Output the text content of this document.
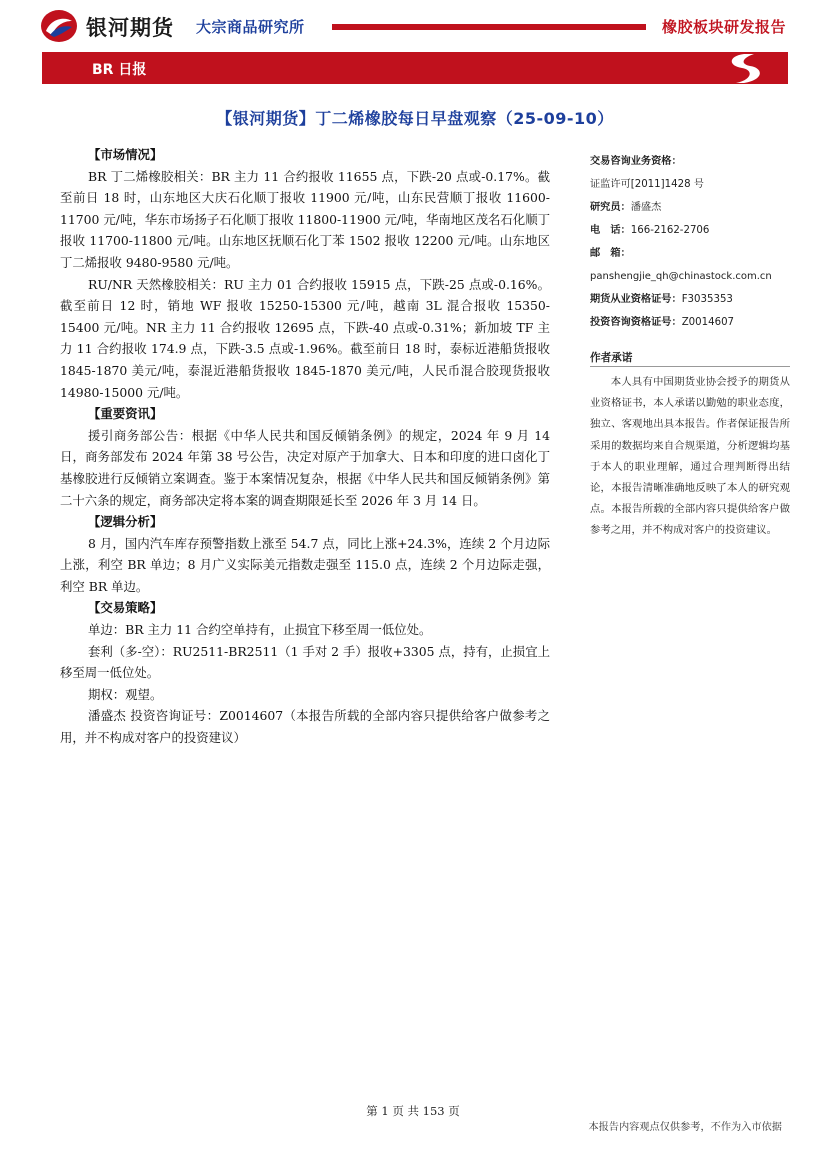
银河期货 大宗商品研究所	橡胶板块研发报告
BR 日报
【银河期货】丁二烯橡胶每日早盘观察（25-09-10）
【市场情况】

BR 丁二烯橡胶相关：BR 主力 11 合约报收 11655 点，下跌-20 点或-0.17%。截至前日 18 时，山东地区大庆石化顺丁报收 11900 元/吨，山东民营顺丁报收 11600-11700 元/吨，华东市场扬子石化顺丁报收 11800-11900 元/吨，华南地区茂名石化顺丁报收 11700-11800 元/吨。山东地区抚顺石化丁苯 1502 报收 12200 元/吨。山东地区丁二烯报收 9480-9580 元/吨。

RU/NR 天然橡胶相关：RU 主力 01 合约报收 15915 点，下跌-25 点或-0.16%。截至前日 12 时，销地 WF 报收 15250-15300 元/吨，越南 3L 混合报收 15350-15400 元/吨。NR 主力 11 合约报收 12695 点，下跌-40 点或-0.31%；新加坡 TF 主力 11 合约报收 174.9 点，下跌-3.5 点或-1.96%。截至前日 18 时，泰标近港船货报收 1845-1870 美元/吨，泰混近港船货报收 1845-1870 美元/吨，人民币混合胶现货报收 14980-15000 元/吨。

【重要资讯】

援引商务部公告：根据《中华人民共和国反倾销条例》的规定，2024 年 9 月 14 日，商务部发布 2024 年第 38 号公告，决定对原产于加拿大、日本和印度的进口卤化丁基橡胶进行反倾销立案调查。鉴于本案情况复杂，根据《中华人民共和国反倾销条例》第二十六条的规定，商务部决定将本案的调查期限延长至 2026 年 3 月 14 日。

【逻辑分析】

8 月，国内汽车库存预警指数上涨至 54.7 点，同比上涨+24.3%，连续 2 个月边际上涨，利空 BR 单边；8 月广义实际美元指数走强至 115.0 点，连续 2 个月边际走强，利空 BR 单边。

【交易策略】

单边：BR 主力 11 合约空单持有，止损宜下移至周一低位处。

套利（多-空）：RU2511-BR2511（1 手对 2 手）报收+3305 点，持有，止损宜上移至周一低位处。

期权：观望。

潘盛杰 投资咨询证号：Z0014607（本报告所载的全部内容只提供给客户做参考之用，并不构成对客户的投资建议）

交易咨询业务资格：
证监许可[2011]1428 号
研究员：潘盛杰
电　话：166-2162-2706
邮　箱：
panshengjie_qh@chinastock.com.cn
期货从业资格证号：F3035353
投资咨询资格证号：Z0014607
作者承诺
本人具有中国期货业协会授予的期货从业资格证书，本人承诺以勤勉的职业态度，独立、客观地出具本报告。作者保证报告所采用的数据均来自合规渠道，分析逻辑均基于本人的职业理解，通过合理判断得出结论，本报告清晰准确地反映了本人的研究观点。本报告所载的全部内容只提供给客户做参考之用，并不构成对客户的投资建议。
第 1 页 共 153 页
本报告内容观点仅供参考，不作为入市依据
